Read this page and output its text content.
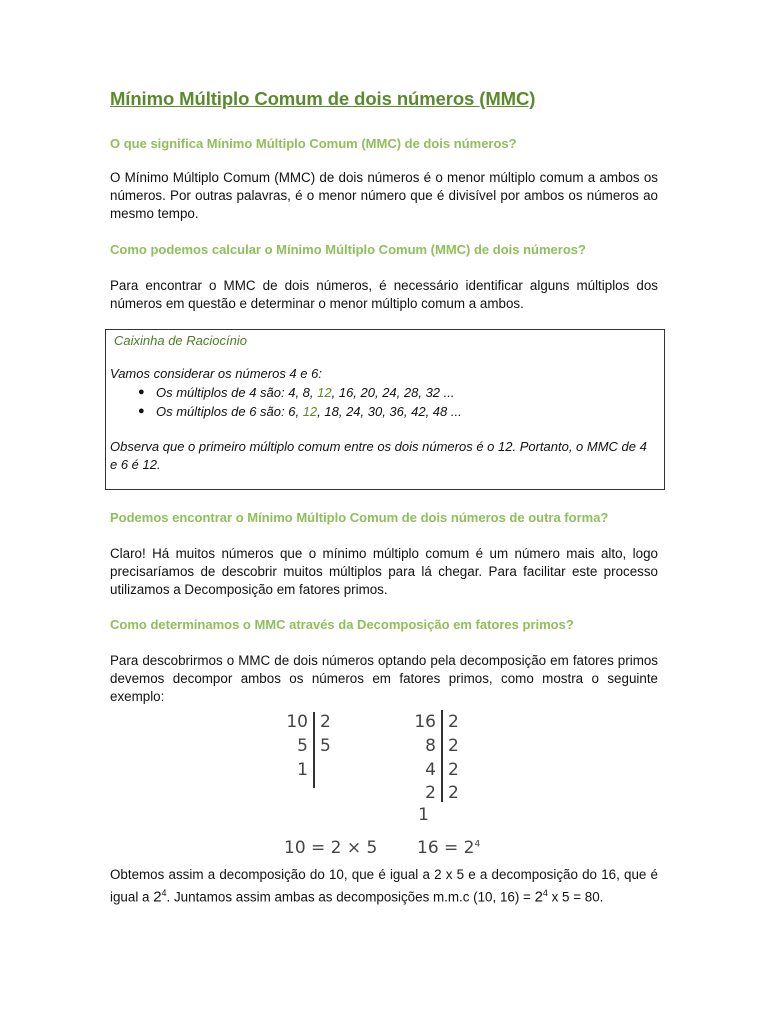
Mínimo Múltiplo Comum de dois números (MMC)

O que significa Mínimo Múltiplo Comum (MMC) de dois números?

O Mínimo Múltiplo Comum (MMC) de dois números é o menor múltiplo comum a ambos os números. Por outras palavras, é o menor número que é divisível por ambos os números ao mesmo tempo.

Como podemos calcular o Mínimo Múltiplo Comum (MMC) de dois números?

Para encontrar o MMC de dois números, é necessário identificar alguns múltiplos dos números em questão e determinar o menor múltiplo comum a ambos.

Caixinha de Raciocínio
Vamos considerar os números 4 e 6:
● Os múltiplos de 4 são: 4, 8, 12, 16, 20, 24, 28, 32 ...
● Os múltiplos de 6 são: 6, 12, 18, 24, 30, 36, 42, 48 ...
Observa que o primeiro múltiplo comum entre os dois números é o 12. Portanto, o MMC de 4 e 6 é 12.

Podemos encontrar o Mínimo Múltiplo Comum de dois números de outra forma?

Claro! Há muitos números que o mínimo múltiplo comum é um número mais alto, logo precisaríamos de descobrir muitos múltiplos para lá chegar. Para facilitar este processo utilizamos a Decomposição em fatores primos.

Como determinamos o MMC através da Decomposição em fatores primos?

Para descobrirmos o MMC de dois números optando pela decomposição em fatores primos devemos decompor ambos os números em fatores primos, como mostra o seguinte exemplo:

10
5
1
2
5
16
8
4
2
1
2
2
2
2
10 = 2 × 5 $16 = 2^4$

Obtemos assim a decomposição do 10, que é igual a 2 x 5 e a decomposição do 16, que é igual a $2^4$. Juntamos assim ambas as decomposições m.m.c (10, $16) = 2^4$ x 5 = 80.
